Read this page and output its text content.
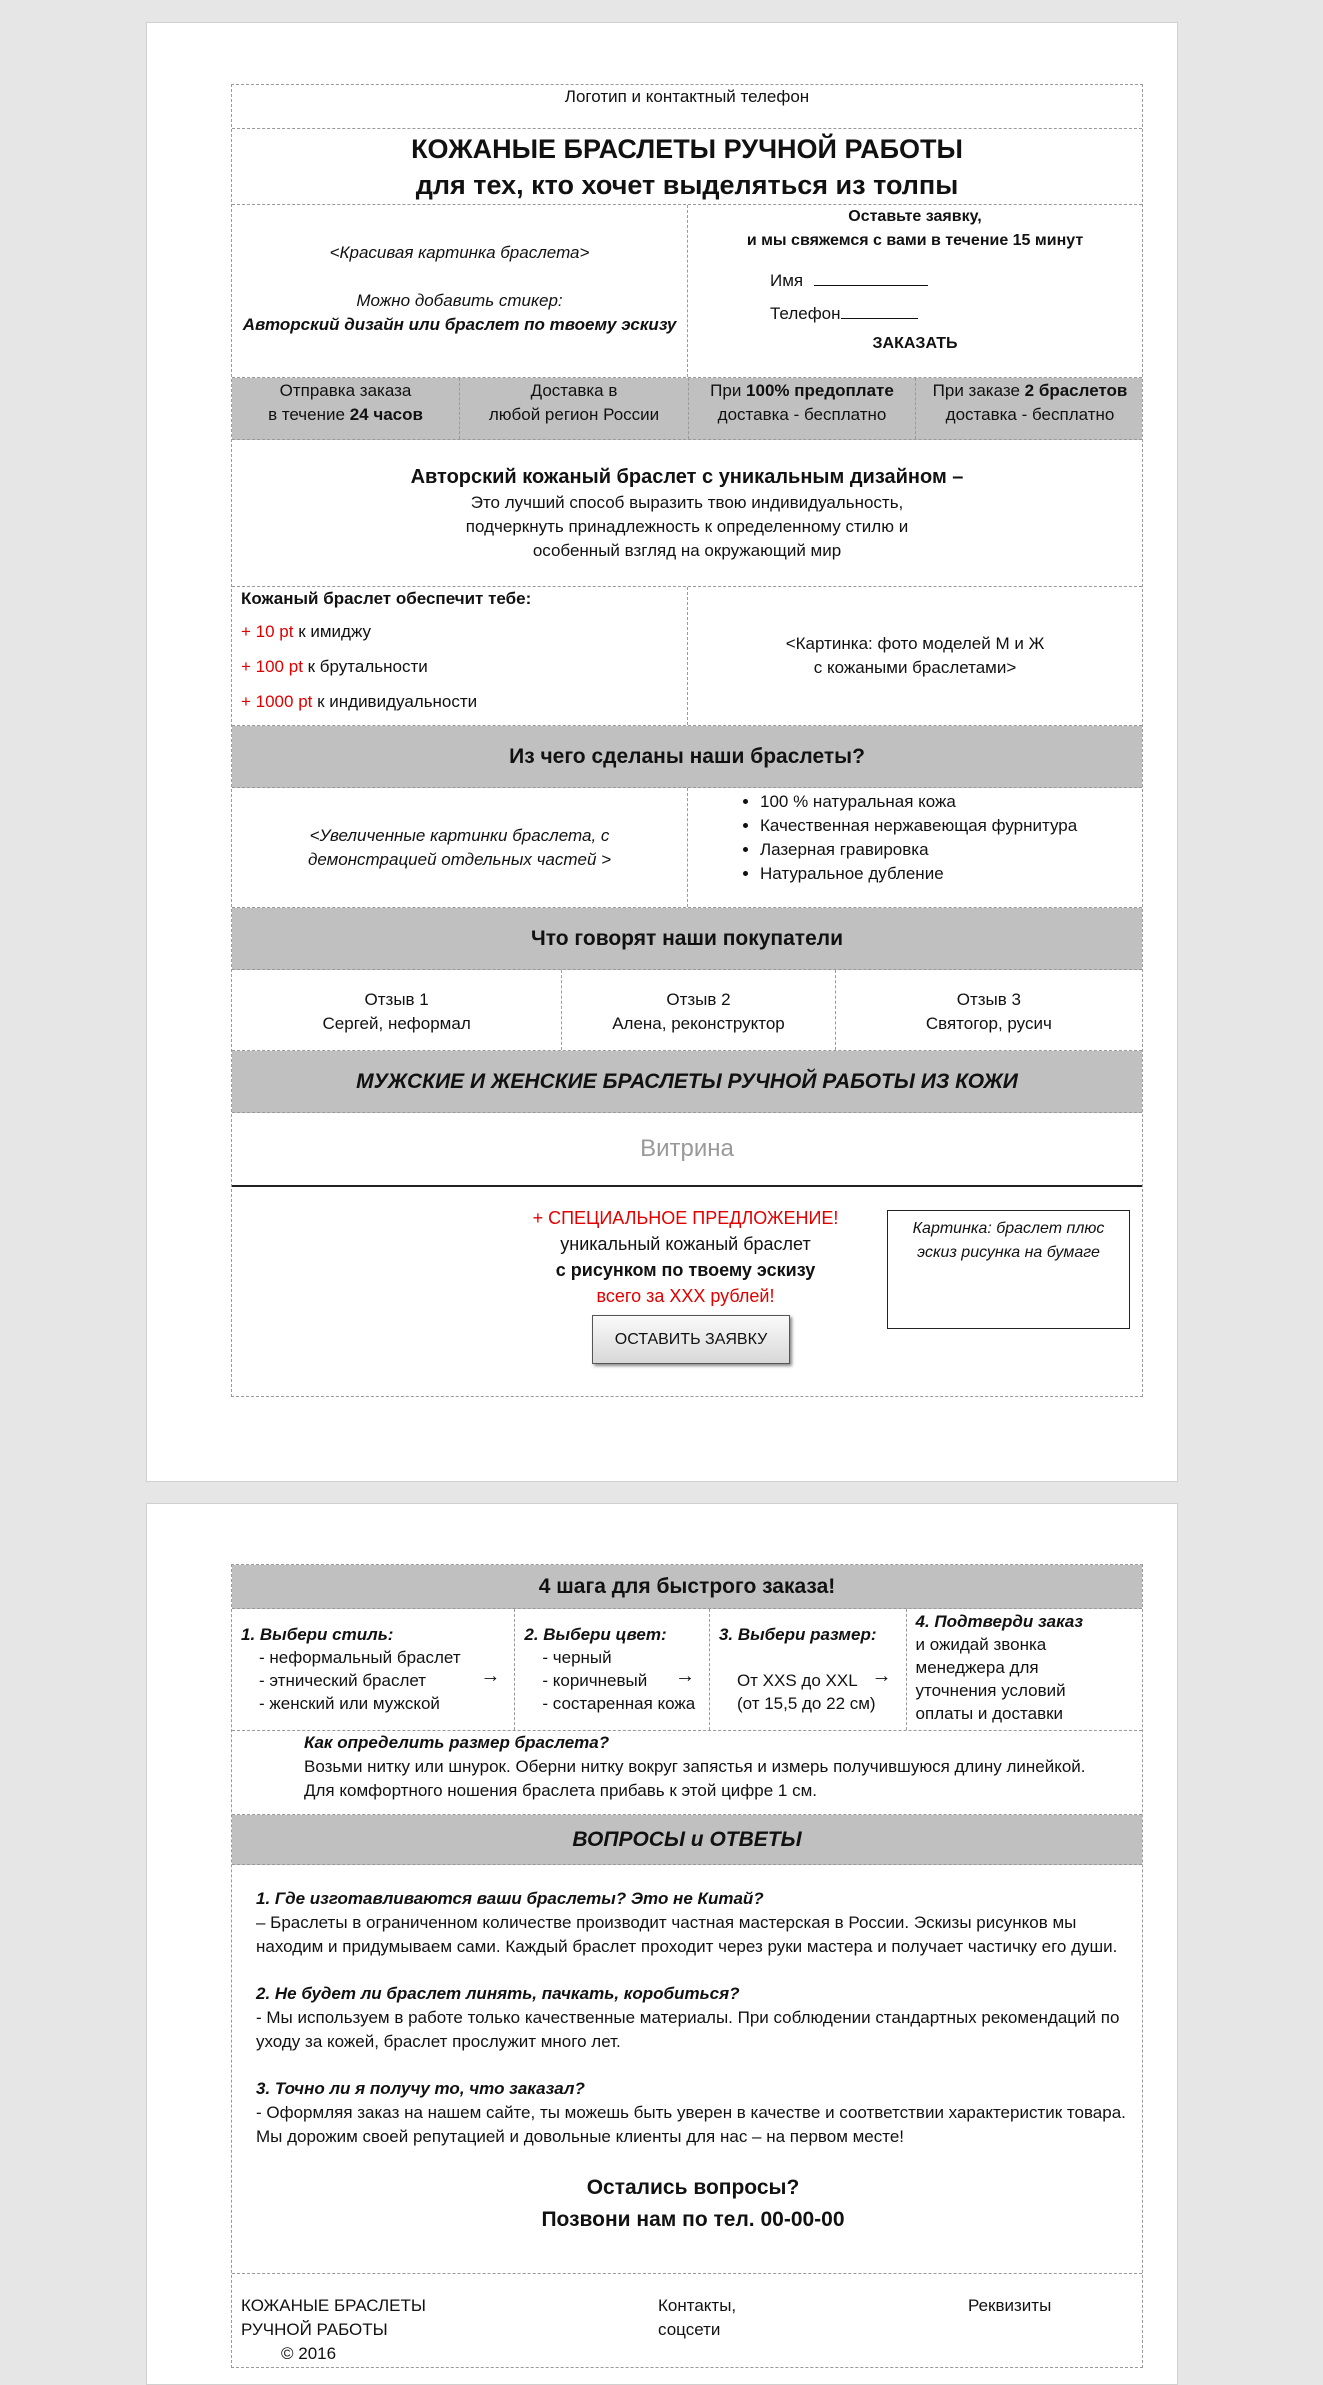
Логотип и контактный телефон
КОЖАНЫЕ БРАСЛЕТЫ РУЧНОЙ РАБОТЫ
для тех, кто хочет выделяться из толпы
<Красивая картинка браслета>
Можно добавить стикер:
Авторский дизайн или браслет по твоему эскизу
Оставьте заявку,
и мы свяжемся с вами в течение 15 минут
Имя
Телефон
ЗАКАЗАТЬ
Отправка заказа
в течение 24 часов
Доставка в
любой регион России
При 100% предоплате
доставка - бесплатно
При заказе 2 браслетов
доставка - бесплатно
Авторский кожаный браслет с уникальным дизайном –
Это лучший способ выразить твою индивидуальность,
подчеркнуть принадлежность к определенному стилю и
особенный взгляд на окружающий мир
Кожаный браслет обеспечит тебе:
+ 10 pt к имиджу
+ 100 pt к брутальности
+ 1000 pt к индивидуальности
<Картинка: фото моделей М и Ж
с кожаными браслетами>
Из чего сделаны наши браслеты?
<Увеличенные картинки браслета, с
демонстрацией отдельных частей >
• 100 % натуральная кожа
• Качественная нержавеющая фурнитура
• Лазерная гравировка
• Натуральное дубление
Что говорят наши покупатели
Отзыв 1
Сергей, неформал
Отзыв 2
Алена, реконструктор
Отзыв 3
Святогор, русич
МУЖСКИЕ И ЖЕНСКИЕ БРАСЛЕТЫ РУЧНОЙ РАБОТЫ ИЗ КОЖИ
Витрина
+ СПЕЦИАЛЬНОЕ ПРЕДЛОЖЕНИЕ!
уникальный кожаный браслет
с рисунком по твоему эскизу
всего за ХХХ рублей!
ОСТАВИТЬ ЗАЯВКУ
Картинка: браслет плюс
эскиз рисунка на бумаге
4 шага для быстрого заказа!
1. Выбери стиль:
- неформальный браслет
- этнический браслет
- женский или мужской
→
2. Выбери цвет:
- черный
- коричневый
- состаренная кожа
→
3. Выбери размер:
От XXS до XXL
(от 15,5 до 22 см)
→
4. Подтверди заказ
и ожидай звонка
менеджера для
уточнения условий
оплаты и доставки
Как определить размер браслета?
Возьми нитку или шнурок. Оберни нитку вокруг запястья и измерь получившуюся длину линейкой.
Для комфортного ношения браслета прибавь к этой цифре 1 см.
ВОПРОСЫ и ОТВЕТЫ
1. Где изготавливаются ваши браслеты? Это не Китай?
– Браслеты в ограниченном количестве производит частная мастерская в России. Эскизы рисунков мы находим и придумываем сами. Каждый браслет проходит через руки мастера и получает частичку его души.
2. Не будет ли браслет линять, пачкать, коробиться?
- Мы используем в работе только качественные материалы. При соблюдении стандартных рекомендаций по уходу за кожей, браслет прослужит много лет.
3. Точно ли я получу то, что заказал?
- Оформляя заказ на нашем сайте, ты можешь быть уверен в качестве и соответствии характеристик товара. Мы дорожим своей репутацией и довольные клиенты для нас – на первом месте!
Остались вопросы?
Позвони нам по тел. 00-00-00
КОЖАНЫЕ БРАСЛЕТЫ
РУЧНОЙ РАБОТЫ
© 2016
Контакты,
соцсети
Реквизиты
